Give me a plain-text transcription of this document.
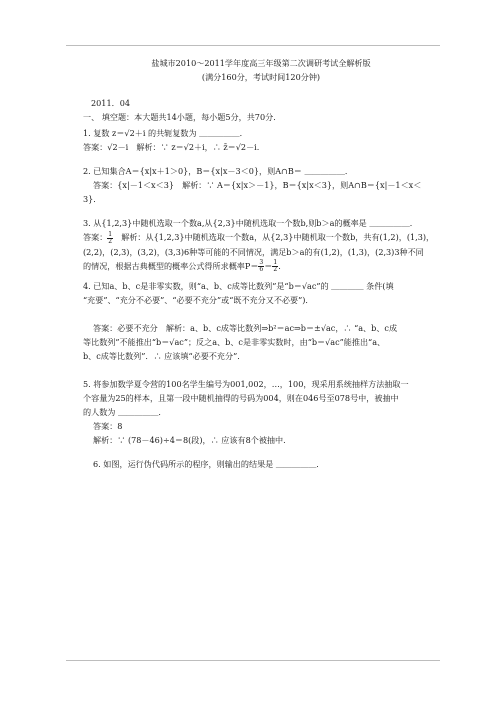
盐城市2010～2011学年度高三年级第二次调研考试全解析版
(满分160分，考试时间120分钟)
2011．04
一、 填空题：本大题共14小题，每小题5分，共70分．
1. 复数 z＝√2＋i 的共轭复数为 ＿＿＿＿＿．
答案：√2－i　解析：∵ z＝√2＋i，∴ z̄＝√2－i.
2. 已知集合A＝{x|x＋1＞0}，B＝{x|x－3＜0}，则A∩B＝ ＿＿＿＿＿．
答案：{x|－1＜x＜3}　解析：∵ A＝{x|x＞－1}，B＝{x|x＜3}，则A∩B＝{x|－1＜x＜
3}．
3. 从{1,2,3}中随机选取一个数a,从{2,3}中随机选取一个数b,则b＞a的概率是 ＿＿＿＿＿．
答案： $\frac{1}{2}$ 　解析：从{1,2,3}中随机选取一个数a，从{2,3}中随机取一个数b，共有(1,2)，(1,3)，
(2,2)，(2,3)，(3,2)，(3,3)6种等可能的不同情况，满足b＞a的有(1,2)，(1,3)，(2,3)3种不同
的情况，根据古典概型的概率公式得所求概率$P= \frac{3}{6} = \frac{1}{2}$ .
4. 已知a、b、c是非零实数，则“a、b、c成等比数列”是“b＝√ac”的 ＿＿＿＿ 条件(填
“充要”、“充分不必要”、“必要不充分”或“既不充分又不必要”)．
答案：必要不充分　解析：a、b、c成等比数列⇒b²＝ac⇒b＝±√ac，∴ “a、b、c成
等比数列”不能推出“b＝√ac”；反之a、b、c是非零实数时，由“b＝√ac”能推出“a、
b、c成等比数列”．∴ 应该填“必要不充分”．
5. 将参加数学夏令营的100名学生编号为001,002，…，100，现采用系统抽样方法抽取一
个容量为25的样本，且第一段中随机抽得的号码为004，则在046号至078号中，被抽中
的人数为 ＿＿＿＿＿．
答案：8
解析：∵ (78－46)÷4＝8(段)，∴ 应该有8个被抽中.
6. 如图，运行伪代码所示的程序，则输出的结果是 ＿＿＿＿＿．
